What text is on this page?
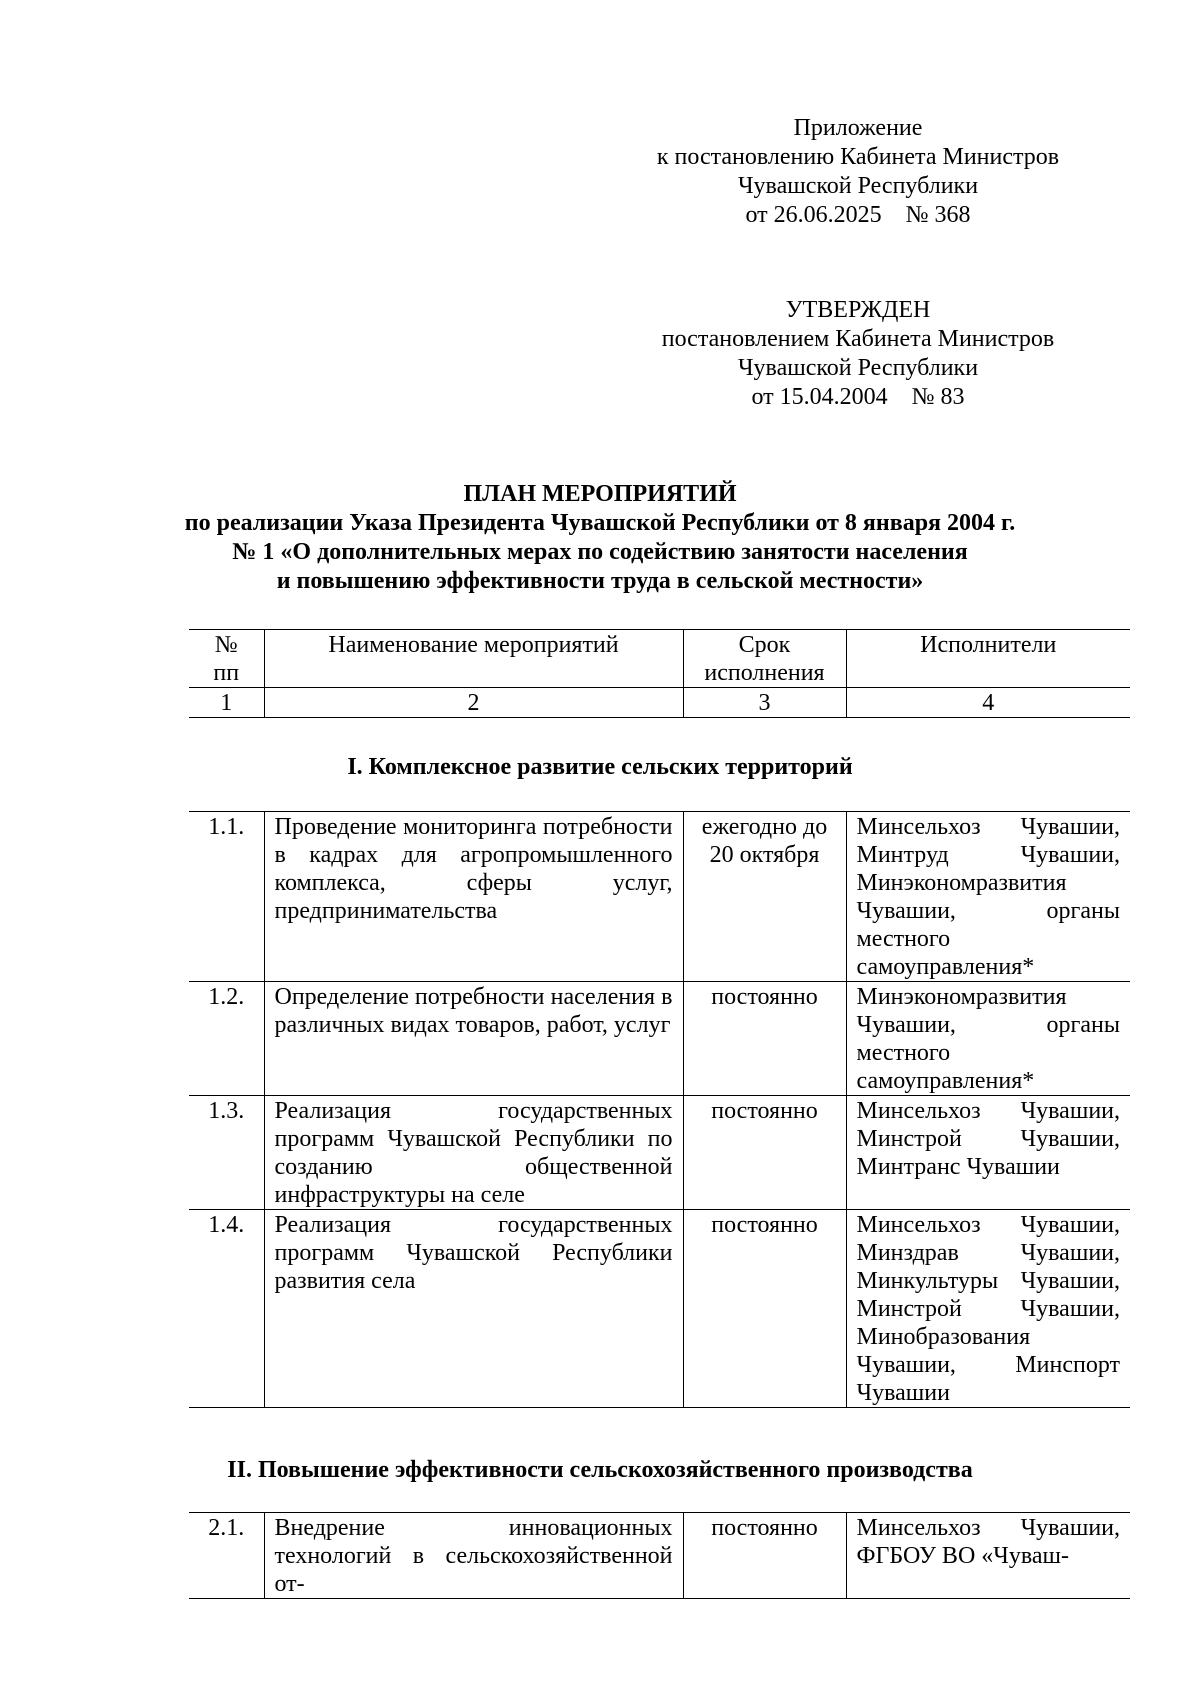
Приложение
к постановлению Кабинета Министров
Чувашской Республики
от 26.06.2025    № 368
УТВЕРЖДЕН
постановлением Кабинета Министров
Чувашской Республики
от 15.04.2004    № 83
ПЛАН МЕРОПРИЯТИЙ
по реализации Указа Президента Чувашской Республики от 8 января 2004 г.
№ 1 «О дополнительных мерах по содействию занятости населения
и повышению эффективности труда в сельской местности»
№ пп	Наименование мероприятий	Срок исполнения	Исполнители
1	2	3	4
I. Комплексное развитие сельских территорий
1.1.	Проведение мониторинга потребности в кадрах для агропромышленного комплекса, сферы услуг, предпринимательства	ежегодно до 20 октября	Минсельхоз Чувашии, Минтруд Чувашии, Минэкономразвития Чувашии, органы местного самоуправления*
1.2.	Определение потребности населения в различных видах товаров, работ, услуг	постоянно	Минэкономразвития Чувашии, органы местного самоуправления*
1.3.	Реализация государственных программ Чувашской Республики по созданию общественной инфраструктуры на селе	постоянно	Минсельхоз Чувашии, Минстрой Чувашии, Минтранс Чувашии
1.4.	Реализация государственных программ Чувашской Республики развития села	постоянно	Минсельхоз Чувашии, Минздрав Чувашии, Минкультуры Чувашии, Минстрой Чувашии, Минобразования Чувашии, Минспорт Чувашии
II. Повышение эффективности сельскохозяйственного производства
2.1.	Внедрение инновационных технологий в сельскохозяйственной от-	постоянно	Минсельхоз Чувашии, ФГБОУ ВО «Чуваш-
